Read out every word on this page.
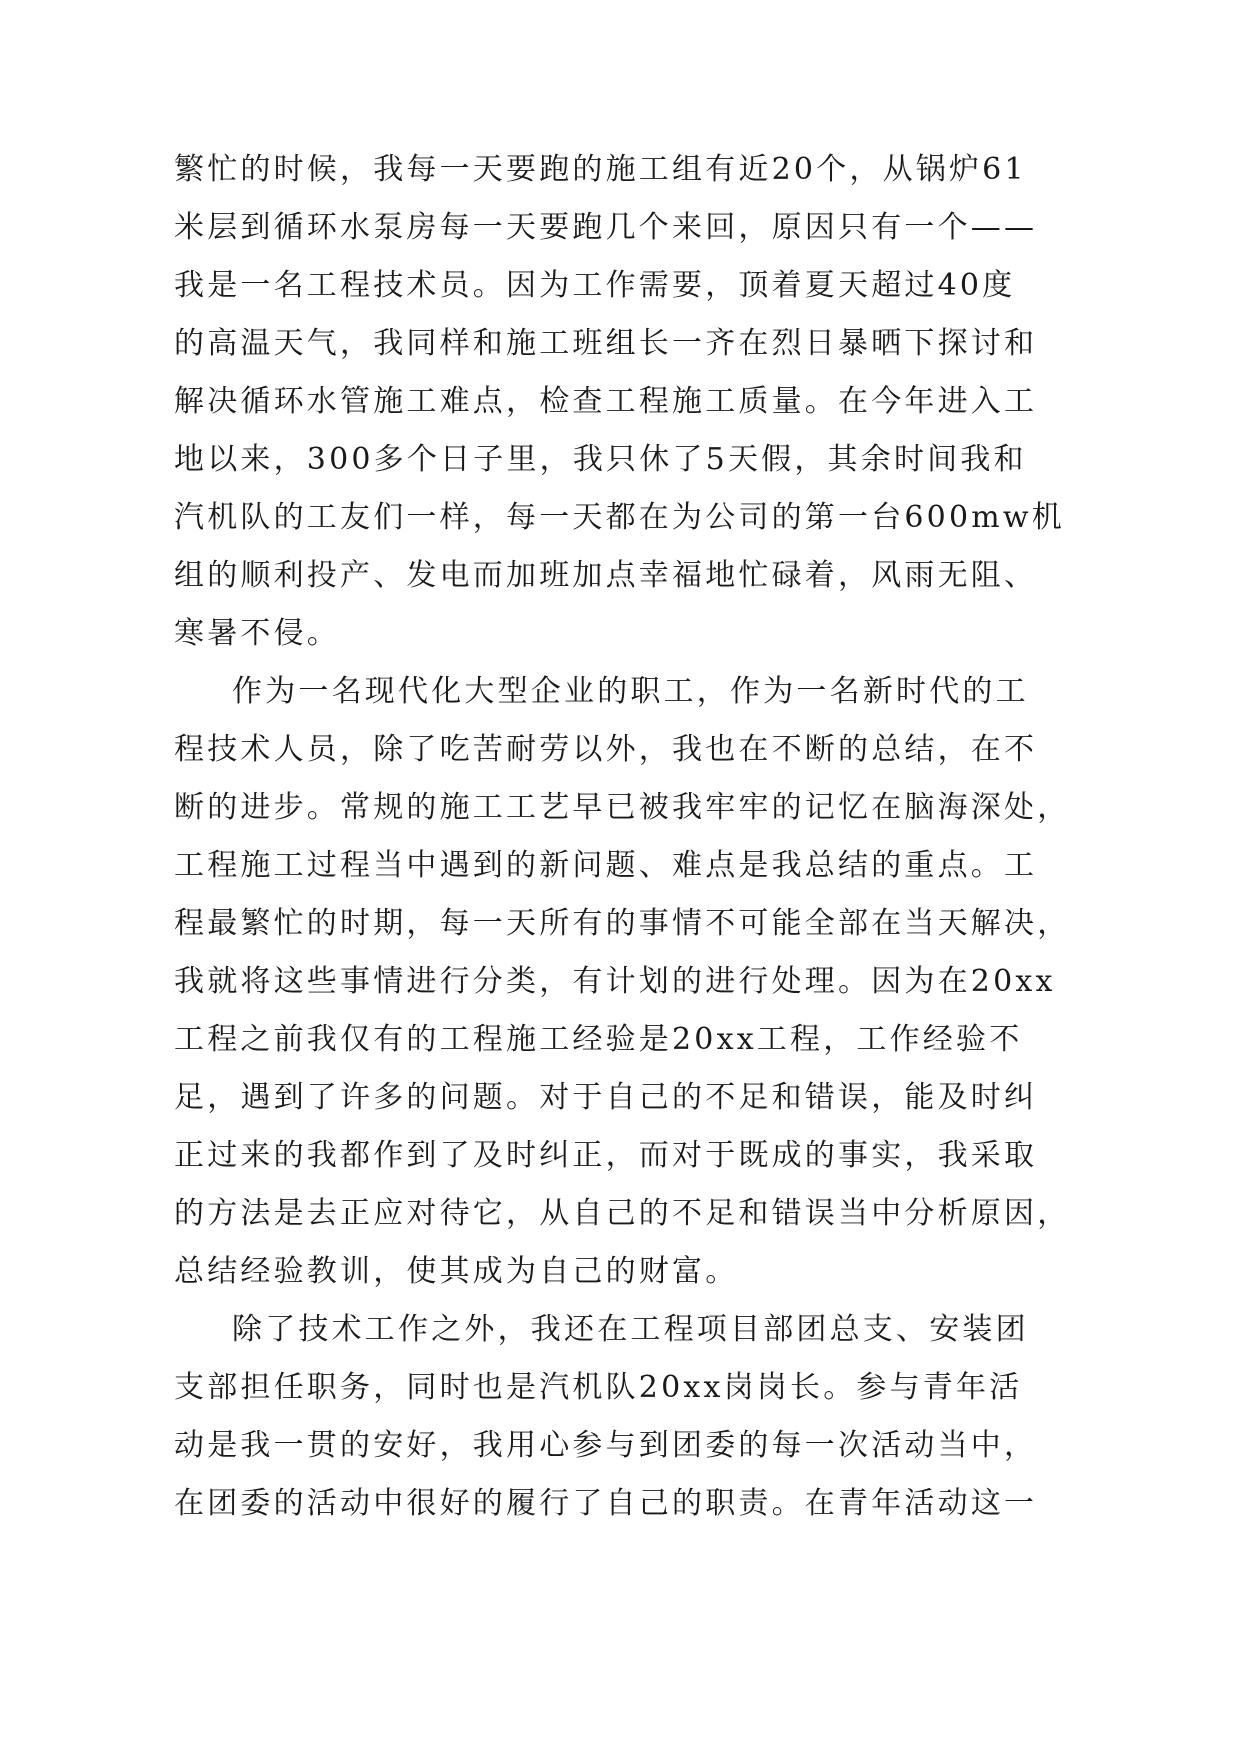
繁忙的时候，我每一天要跑的施工组有近20个，从锅炉61
米层到循环水泵房每一天要跑几个来回，原因只有一个——
我是一名工程技术员。因为工作需要，顶着夏天超过40度
的高温天气，我同样和施工班组长一齐在烈日暴晒下探讨和
解决循环水管施工难点，检查工程施工质量。在今年进入工
地以来，300多个日子里，我只休了5天假，其余时间我和
汽机队的工友们一样，每一天都在为公司的第一台600mw机
组的顺利投产、发电而加班加点幸福地忙碌着，风雨无阻、
寒暑不侵。
作为一名现代化大型企业的职工，作为一名新时代的工
程技术人员，除了吃苦耐劳以外，我也在不断的总结，在不
断的进步。常规的施工工艺早已被我牢牢的记忆在脑海深处，
工程施工过程当中遇到的新问题、难点是我总结的重点。工
程最繁忙的时期，每一天所有的事情不可能全部在当天解决，
我就将这些事情进行分类，有计划的进行处理。因为在20xx
工程之前我仅有的工程施工经验是20xx工程，工作经验不
足，遇到了许多的问题。对于自己的不足和错误，能及时纠
正过来的我都作到了及时纠正，而对于既成的事实，我采取
的方法是去正应对待它，从自己的不足和错误当中分析原因，
总结经验教训，使其成为自己的财富。
除了技术工作之外，我还在工程项目部团总支、安装团
支部担任职务，同时也是汽机队20xx岗岗长。参与青年活
动是我一贯的安好，我用心参与到团委的每一次活动当中，
在团委的活动中很好的履行了自己的职责。在青年活动这一
